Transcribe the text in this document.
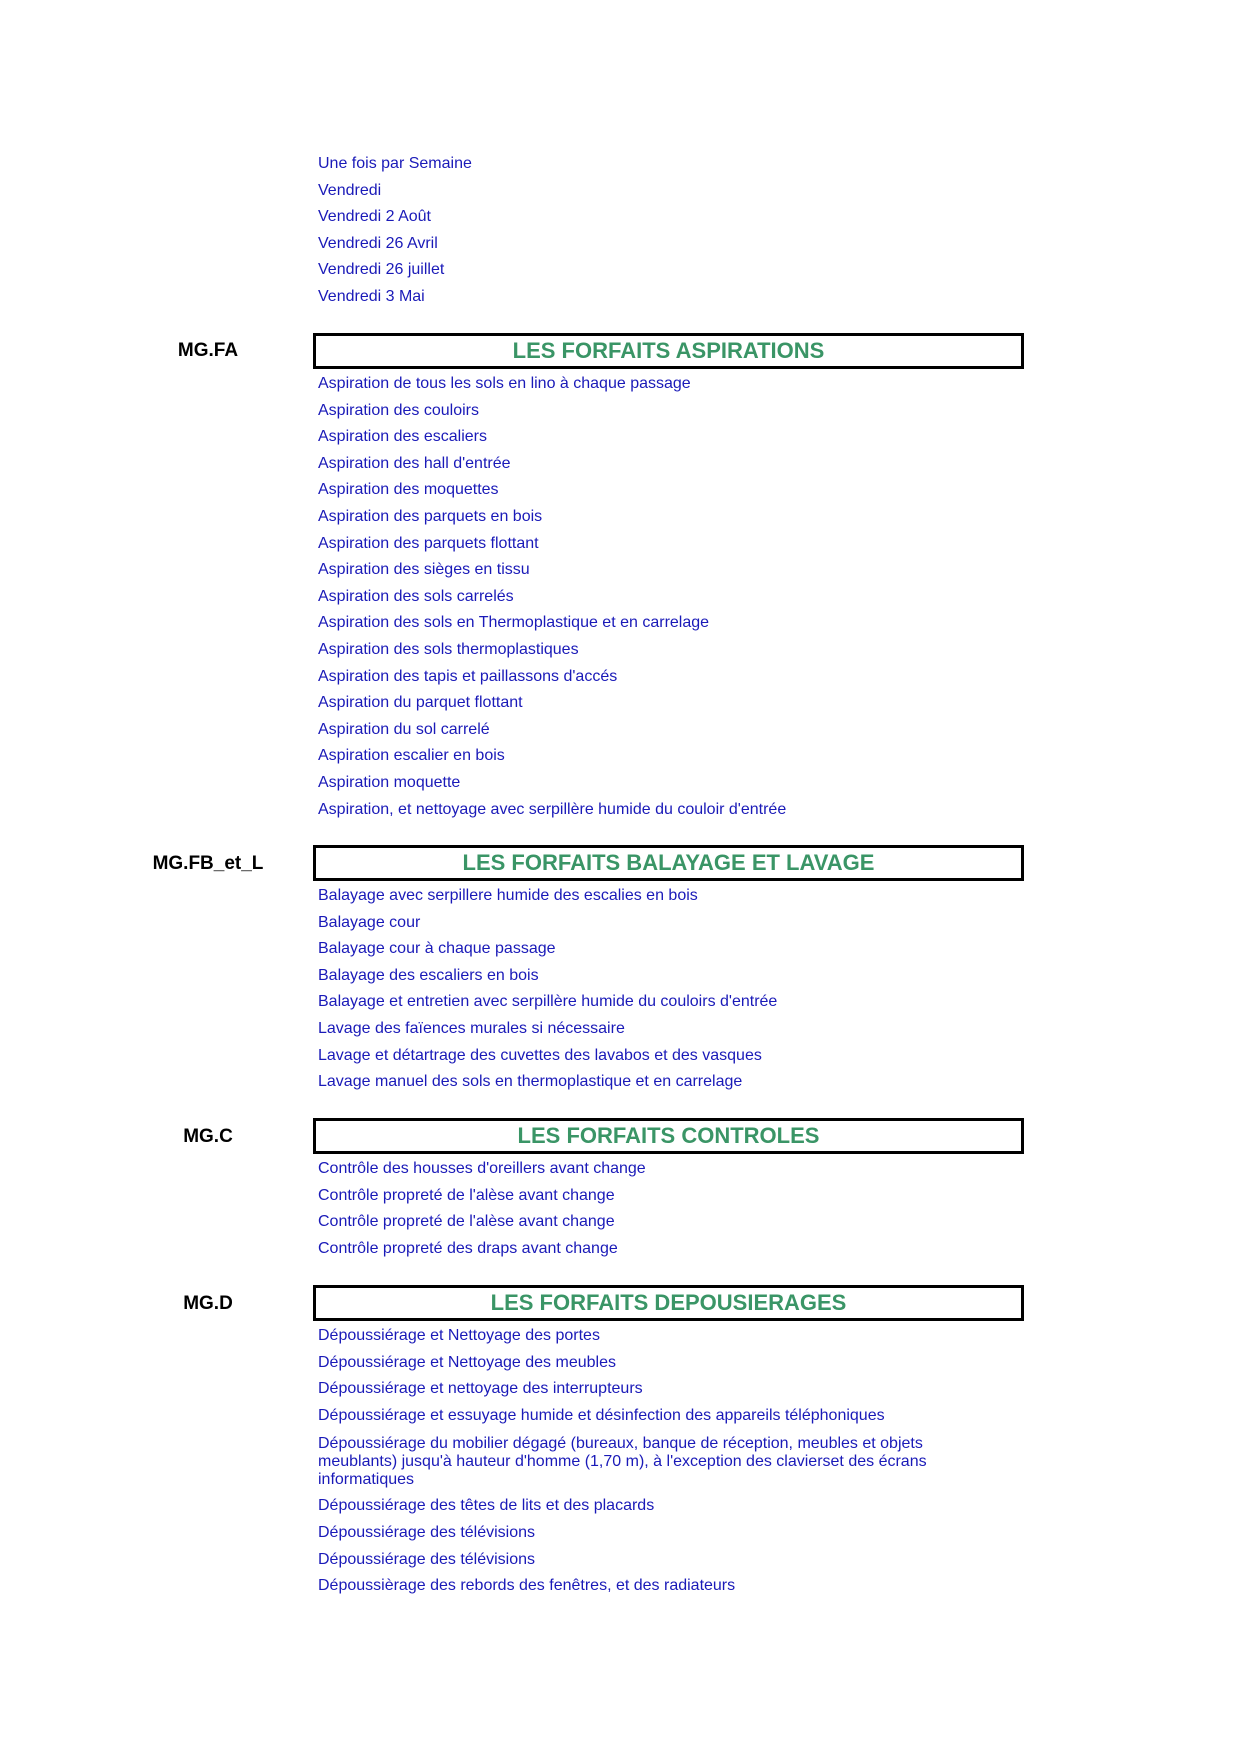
Une fois par Semaine
Vendredi
Vendredi 2 Août
Vendredi 26 Avril
Vendredi 26 juillet
Vendredi 3 Mai
MG.FA	LES FORFAITS ASPIRATIONS
Aspiration de tous les sols en lino à chaque passage
Aspiration des couloirs
Aspiration des escaliers
Aspiration des hall d'entrée
Aspiration des moquettes
Aspiration des parquets en bois
Aspiration des parquets flottant
Aspiration des sièges en tissu
Aspiration des sols carrelés
Aspiration des sols en Thermoplastique et en carrelage
Aspiration des sols thermoplastiques
Aspiration des tapis et paillassons d'accés
Aspiration du parquet flottant
Aspiration du sol carrelé
Aspiration escalier en bois
Aspiration moquette
Aspiration, et nettoyage avec serpillère humide du couloir d'entrée
MG.FB_et_L	LES FORFAITS BALAYAGE ET LAVAGE
Balayage avec serpillere humide des escalies en bois
Balayage cour
Balayage cour à chaque passage
Balayage des escaliers en bois
Balayage et entretien avec serpillère humide du couloirs d'entrée
Lavage des faïences murales si nécessaire
Lavage et détartrage des cuvettes des lavabos et des vasques
Lavage manuel des sols en thermoplastique et en carrelage
MG.C	LES FORFAITS CONTROLES
Contrôle des housses d'oreillers avant change
Contrôle propreté de l'alèse avant change
Contrôle propreté de l'alèse avant change
Contrôle propreté des draps avant change
MG.D	LES FORFAITS DEPOUSIERAGES
Dépoussiérage et Nettoyage des portes
Dépoussiérage et Nettoyage des meubles
Dépoussiérage et nettoyage des interrupteurs
Dépoussiérage et essuyage humide et désinfection des appareils téléphoniques
Dépoussiérage du mobilier dégagé (bureaux, banque de réception, meubles et objets meublants) jusqu'à hauteur d'homme (1,70 m), à l'exception des clavierset des écrans informatiques
Dépoussiérage des têtes de lits et des placards
Dépoussiérage des télévisions
Dépoussiérage des télévisions
Dépoussièrage des rebords des fenêtres, et des radiateurs
